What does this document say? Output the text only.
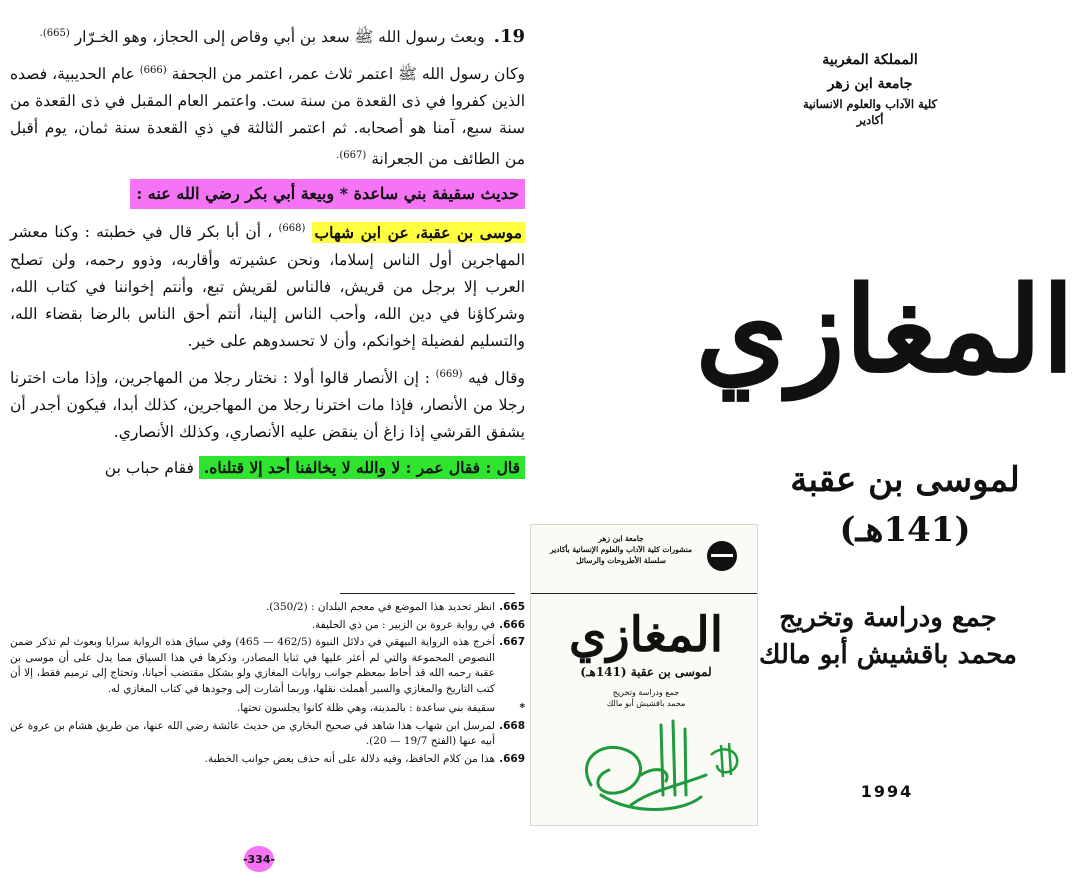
19. وبعث رسول الله ﷺ سعد بن أبي وقاص إلى الحجاز، وهو الخـرّار $^{(665).}$

وكان رسول الله ﷺ اعتمر ثلاث عمر، اعتمر من الجحفة $^{(666)}$ عام الحديبية، فصده الذين كفروا في ذى القعدة من سنة ست. واعتمر العام المقبل في ذى القعدة من سنة سبع، آمنا هو أصحابه. ثم اعتمر الثالثة في ذي القعدة سنة ثمان، يوم أقبل من الطائف من الجعرانة $^{(667).}$

حديث سقيفة بني ساعدة * وبيعة أبي بكر رضي الله عنه :

موسى بن عقبة، عن ابن شهاب $^{(668)}$ ، أن أبا بكر قال في خطبته : وكنا معشر المهاجرين أول الناس إسلاما، ونحن عشيرته وأقاربه، وذوو رحمه، ولن تصلح العرب إلا برجل من قريش، فالناس لقريش تبع، وأنتم إخواننا في كتاب الله، وشركاؤنا في دين الله، وأحب الناس إلينا، أنتم أحق الناس بالرضا بقضاء الله، والتسليم لفضيلة إخوانكم، وأن لا تحسدوهم على خير.

وقال فيه $^{(669)}$ : إن الأنصار قالوا أولا : نختار رجلا من المهاجرين، وإذا مات اخترنا رجلا من الأنصار، فإذا مات اخترنا رجلا من المهاجرين، كذلك أبدا، فيكون أجدر أن يشفق القرشي إذا زاغ أن ينقض عليه الأنصاري، وكذلك الأنصاري.

قال : فقال عمر : لا والله لا يخالفنا أحد إلا قتلناه. فقام حباب بن

665.
انظر تحديد هذا الموضع في معجم البلدان : (350/2).
666.
في رواية عروة بن الزبير : من ذي الحليفة.
667.
أخرج هذه الرواية البيهقي في دلائل النبوة (462/5 — 465) وفي سياق هذه الرواية سرايا وبعوث لم تذكر ضمن النصوص المجموعة والتي لم أعثر عليها في ثنايا المصادر، وذكرها في هذا السياق مما يدل على أن موسى بن عقبة رحمه الله قد أحاط بمعظم جوانب روايات المغازي ولو بشكل مقتضب أحيانا، وتحتاج إلى ترميم فقط، إلا أن كتب التاريخ والمغازي والسير أهملت نقلها، وربما أشارت إلى وجودها في كتاب المغازي له.
*
سقيفة بني ساعدة : بالمدينة، وهي ظلة كانوا يجلسون تحتها.
668.
لمرسل ابن شهاب هذا شاهد في صحيح البخاري من حديث عائشة رضي الله عنها، من طريق هشام بن عروة عن أبيه عنها (الفتح 19/7 — 20).
669.
هذا من كلام الحافظ، وفيه دلالة على أنه حذف بعض جوانب الخطبة.
-334-
المملكة المغربية
جامعة ابن زهر
كلية الآداب والعلوم الانسانية
أكادير
المغازي
لموسى بن عقبة (141هـ)
جمع ودراسة وتخريج
محمد باقشيش أبو مالك
1994
جامعة ابن زهر
منشورات كلية الآداب والعلوم الإنسانية بأكادير
سلسلة الأطروحات والرسائل
المغازي
لموسى بن عقبة (141هـ)
جمع ودراسة وتخريج
محمد باقشيش أبو مالك
